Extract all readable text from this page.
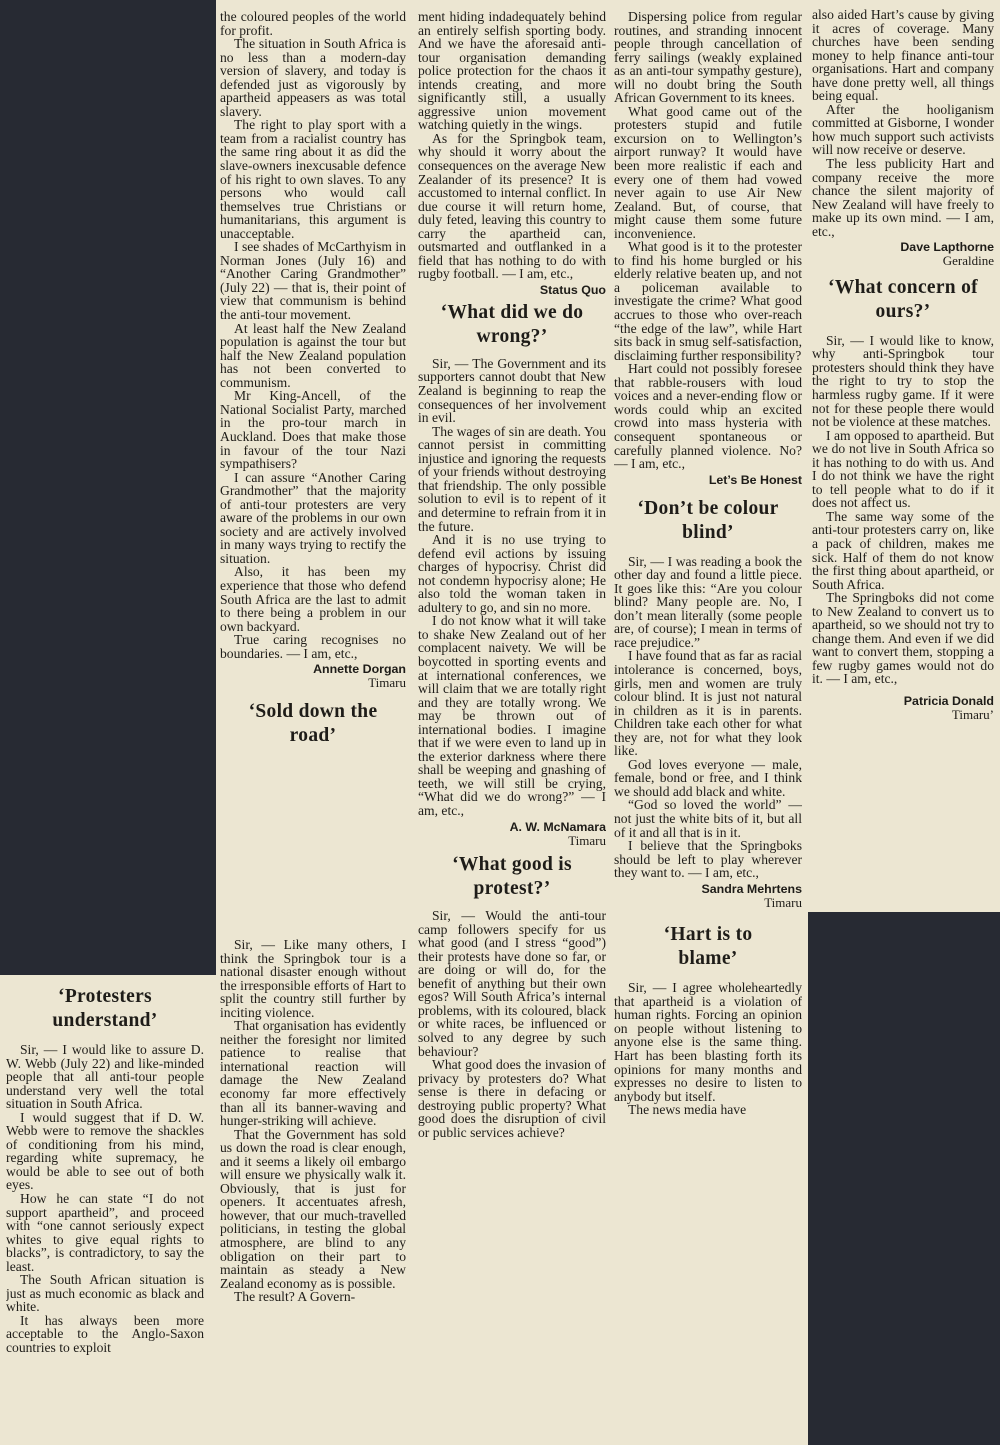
the coloured peoples of the world for profit.

The situation in South Africa is no less than a modern-day version of slavery, and today is defended just as vigorously by apartheid appeasers as was total slavery.

The right to play sport with a team from a racialist country has the same ring about it as did the slave-owners inexcusable defence of his right to own slaves. To any persons who would call themselves true Christians or humanitarians, this argument is unacceptable.

I see shades of McCarthyism in Norman Jones (July 16) and “Another Caring Grandmother” (July 22) — that is, their point of view that communism is behind the anti-tour movement.

At least half the New Zealand population is against the tour but half the New Zealand population has not been converted to communism.

Mr King-Ancell, of the National Socialist Party, marched in the pro-tour march in Auckland. Does that make those in favour of the tour Nazi sympathisers?

I can assure “Another Caring Grandmother” that the majority of anti-tour protesters are very aware of the problems in our own society and are actively involved in many ways trying to rectify the situation.

Also, it has been my experience that those who defend South Africa are the last to admit to there being a problem in our own backyard.

True caring recognises no boundaries. — I am, etc.,

Annette Dorgan

Timaru

‘Sold down the road’
‘Protesters understand’

Sir, — I would like to assure D. W. Webb (July 22) and like-minded people that all anti-tour people understand very well the total situation in South Africa.

I would suggest that if D. W. Webb were to remove the shackles of conditioning from his mind, regarding white supremacy, he would be able to see out of both eyes.

How he can state “I do not support apartheid”, and proceed with “one cannot seriously expect whites to give equal rights to blacks”, is contradictory, to say the least.

The South African situation is just as much economic as black and white.

It has always been more acceptable to the Anglo-Saxon countries to exploit

Sir, — Like many others, I think the Springbok tour is a national disaster enough without the irresponsible efforts of Hart to split the country still further by inciting violence.

That organisation has evidently neither the foresight nor limited patience to realise that international reaction will damage the New Zealand economy far more effectively than all its banner-waving and hunger-striking will achieve.

That the Government has sold us down the road is clear enough, and it seems a likely oil embargo will ensure we physically walk it. Obviously, that is just for openers. It accentuates afresh, however, that our much-travelled politicians, in testing the global atmosphere, are blind to any obligation on their part to maintain as steady a New Zealand economy as is possible.

The result? A Govern-

ment hiding indadequately behind an entirely selfish sporting body. And we have the aforesaid anti-tour organisation demanding police protection for the chaos it intends creating, and more significantly still, a usually aggressive union movement watching quietly in the wings.

As for the Springbok team, why should it worry about the consequences on the average New Zealander of its presence? It is accustomed to internal conflict. In due course it will return home, duly feted, leaving this country to carry the apartheid can, outsmarted and outflanked in a field that has nothing to do with rugby football. — I am, etc.,

Status Quo

‘What did we do wrong?’

Sir, — The Government and its supporters cannot doubt that New Zealand is beginning to reap the consequences of her involvement in evil.

The wages of sin are death. You cannot persist in committing injustice and ignoring the requests of your friends without destroying that friendship. The only possible solution to evil is to repent of it and determine to refrain from it in the future.

And it is no use trying to defend evil actions by issuing charges of hypocrisy. Christ did not condemn hypocrisy alone; He also told the woman taken in adultery to go, and sin no more.

I do not know what it will take to shake New Zealand out of her complacent naivety. We will be boycotted in sporting events and at international conferences, we will claim that we are totally right and they are totally wrong. We may be thrown out of international bodies. I imagine that if we were even to land up in the exterior darkness where there shall be weeping and gnashing of teeth, we will still be crying, “What did we do wrong?” — I am, etc.,

A. W. McNamara

Timaru

‘What good is protest?’

Sir, — Would the anti-tour camp followers specify for us what good (and I stress “good”) their protests have done so far, or are doing or will do, for the benefit of anything but their own egos? Will South Africa’s internal problems, with its coloured, black or white races, be influenced or solved to any degree by such behaviour?

What good does the invasion of privacy by protesters do? What sense is there in defacing or destroying public property? What good does the disruption of civil or public services achieve?

Dispersing police from regular routines, and stranding innocent people through cancellation of ferry sailings (weakly explained as an anti-tour sympathy gesture), will no doubt bring the South African Government to its knees.

What good came out of the protesters stupid and futile excursion on to Wellington’s airport runway? It would have been more realistic if each and every one of them had vowed never again to use Air New Zealand. But, of course, that might cause them some future inconvenience.

What good is it to the protester to find his home burgled or his elderly relative beaten up, and not a policeman available to investigate the crime? What good accrues to those who over-reach “the edge of the law”, while Hart sits back in smug self-satisfaction, disclaiming further responsibility?

Hart could not possibly foresee that rabble-rousers with loud voices and a never-ending flow or words could whip an excited crowd into mass hysteria with consequent spontaneous or carefully planned violence. No? — I am, etc.,

Let’s Be Honest

‘Don’t be colour blind’

Sir, — I was reading a book the other day and found a little piece. It goes like this: “Are you colour blind? Many people are. No, I don’t mean literally (some people are, of course); I mean in terms of race prejudice.”

I have found that as far as racial intolerance is concerned, boys, girls, men and women are truly colour blind. It is just not natural in children as it is in parents. Children take each other for what they are, not for what they look like.

God loves everyone — male, female, bond or free, and I think we should add black and white.

“God so loved the world” — not just the white bits of it, but all of it and all that is in it.

I believe that the Springboks should be left to play wherever they want to. — I am, etc.,

Sandra Mehrtens

Timaru

‘Hart is to blame’

Sir, — I agree wholeheartedly that apartheid is a violation of human rights. Forcing an opinion on people without listening to anyone else is the same thing. Hart has been blasting forth its opinions for many months and expresses no desire to listen to anybody but itself.

The news media have

also aided Hart’s cause by giving it acres of coverage. Many churches have been sending money to help finance anti-tour organisations. Hart and company have done pretty well, all things being equal.

After the hooliganism committed at Gisborne, I wonder how much support such activists will now receive or deserve.

The less publicity Hart and company receive the more chance the silent majority of New Zealand will have freely to make up its own mind. — I am, etc.,

Dave Lapthorne

Geraldine

‘What concern of ours?’

Sir, — I would like to know, why anti-Springbok tour protesters should think they have the right to try to stop the harmless rugby game. If it were not for these people there would not be violence at these matches.

I am opposed to apartheid. But we do not live in South Africa so it has nothing to do with us. And I do not think we have the right to tell people what to do if it does not affect us.

The same way some of the anti-tour protesters carry on, like a pack of children, makes me sick. Half of them do not know the first thing about apartheid, or South Africa.

The Springboks did not come to New Zealand to convert us to apartheid, so we should not try to change them. And even if we did want to convert them, stopping a few rugby games would not do it. — I am, etc.,

Patricia Donald

Timaru’
